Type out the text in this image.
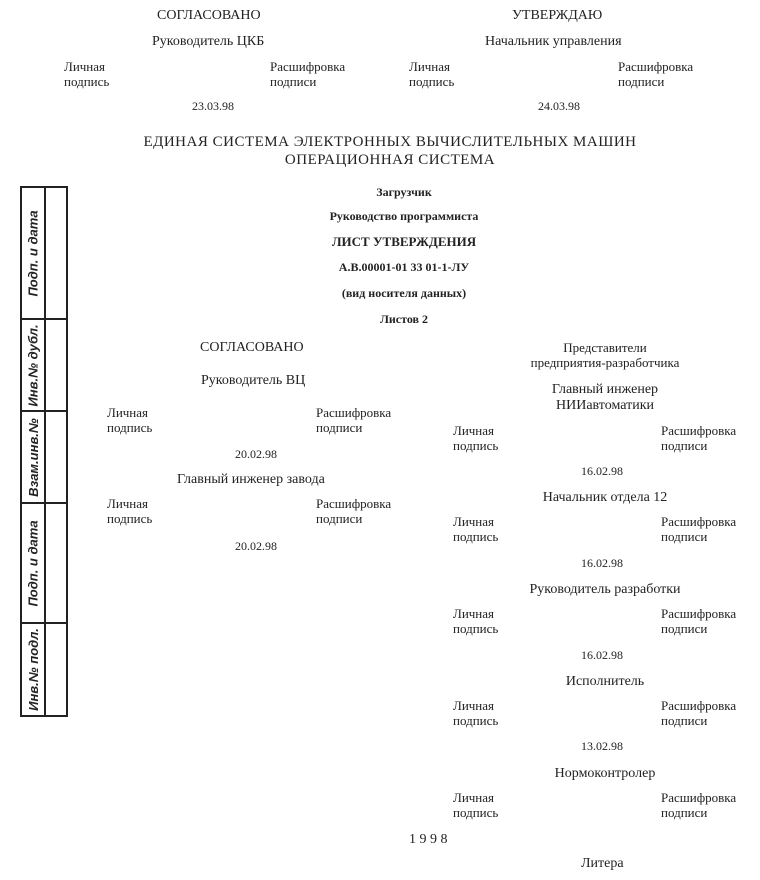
СОГЛАСОВАНО
Руководитель ЦКБ
Личная
подпись
Расшифровка
подписи
23.03.98
УТВЕРЖДАЮ
Начальник управления
Личная
подпись
Расшифровка
подписи
24.03.98
ЕДИНАЯ СИСТЕМА ЭЛЕКТРОННЫХ ВЫЧИСЛИТЕЛЬНЫХ МАШИН
ОПЕРАЦИОННАЯ СИСТЕМА
Загрузчик
Руководство программиста
ЛИСТ УТВЕРЖДЕНИЯ
А.В.00001-01 33 01-1-ЛУ
(вид носителя данных)
Листов 2
СОГЛАСОВАНО
Руководитель ВЦ
Личная
подпись
Расшифровка
подписи
20.02.98
Главный инженер завода
Личная
подпись
Расшифровка
подписи
20.02.98
Представители
предприятия-разработчика
Главный инженер
НИИавтоматики
Личная
подпись
Расшифровка
подписи
16.02.98
Начальник отдела 12
Личная
подпись
Расшифровка
подписи
16.02.98
Руководитель разработки
Личная
подпись
Расшифровка
подписи
16.02.98
Исполнитель
Личная
подпись
Расшифровка
подписи
13.02.98
Нормоконтролер
Личная
подпись
Расшифровка
подписи
1 9 9 8
Литера
Подп. и дата
Инв.№ дубл.
Взам.инв.№
Подп. и дата
Инв.№ подл.
